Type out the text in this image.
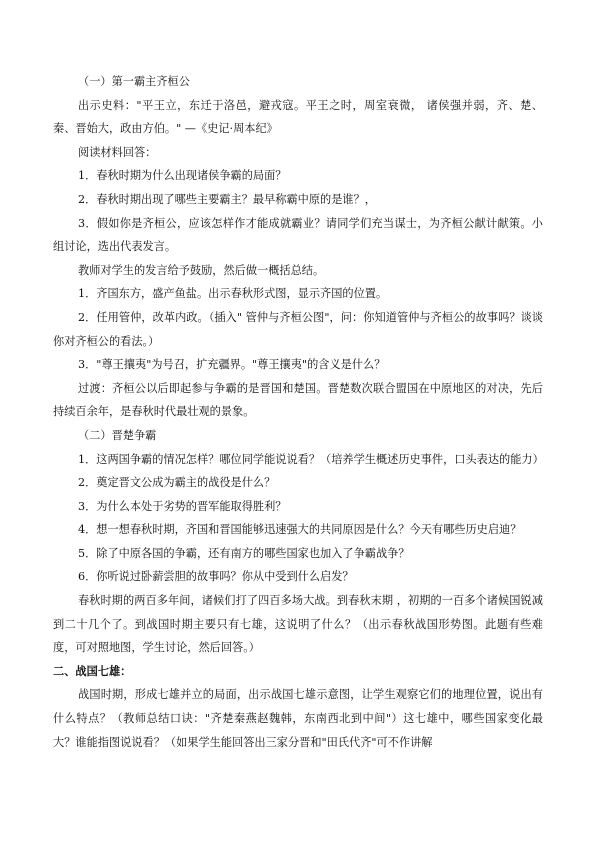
（一）第一霸主齐桓公

出示史料："平王立，东迁于洛邑，避戎寇。平王之时，周室衰微， 诸侯强并弱，齐、楚、秦、晋始大，政由方伯。" —《史记·周本纪》

阅读材料回答：

1．春秋时期为什么出现诸侯争霸的局面？

2．春秋时期出现了哪些主要霸主？最早称霸中原的是谁？，

3．假如你是齐桓公，应该怎样作才能成就霸业？请同学们充当谋士，为齐桓公献计献策。小组讨论，选出代表发言。

教师对学生的发言给予鼓励，然后做一概括总结。

1．齐国东方，盛产鱼盐。出示春秋形式图，显示齐国的位置。

2．任用管仲，改革内政。（插入" 管仲与齐桓公图"，问：你知道管仲与齐桓公的故事吗？谈谈你对齐桓公的看法。）

3．"尊王攘夷"为号召，扩充疆界。"尊王攘夷"的含义是什么？

过渡：齐桓公以后即起参与争霸的是晋国和楚国。晋楚数次联合盟国在中原地区的对决，先后持续百余年，是春秋时代最壮观的景象。

（二）晋楚争霸

1．这两国争霸的情况怎样？哪位同学能说说看？（培养学生概述历史事件，口头表达的能力）

2．奠定晋文公成为霸主的战役是什么？

3．为什么本处于劣势的晋军能取得胜利？

4．想一想春秋时期，齐国和晋国能够迅速强大的共同原因是什么？今天有哪些历史启迪？

5．除了中原各国的争霸，还有南方的哪些国家也加入了争霸战争？

6．你听说过卧薪尝胆的故事吗？你从中受到什么启发？

春秋时期的两百多年间，诸候们打了四百多场大战。到春秋末期 ，初期的一百多个诸候国锐减到二十几个了。到战国时期主要只有七雄，这说明了什么？（出示春秋战国形势图。此题有些难度，可对照地图，学生讨论，然后回答。）

二、战国七雄：

战国时期，形成七雄并立的局面，出示战国七雄示意图，让学生观察它们的地理位置，说出有什么特点？（教师总结口诀："齐楚秦燕赵魏韩，东南西北到中间"）这七雄中，哪些国家变化最大？谁能指图说说看？（如果学生能回答出三家分晋和"田氏代齐"可不作讲解
